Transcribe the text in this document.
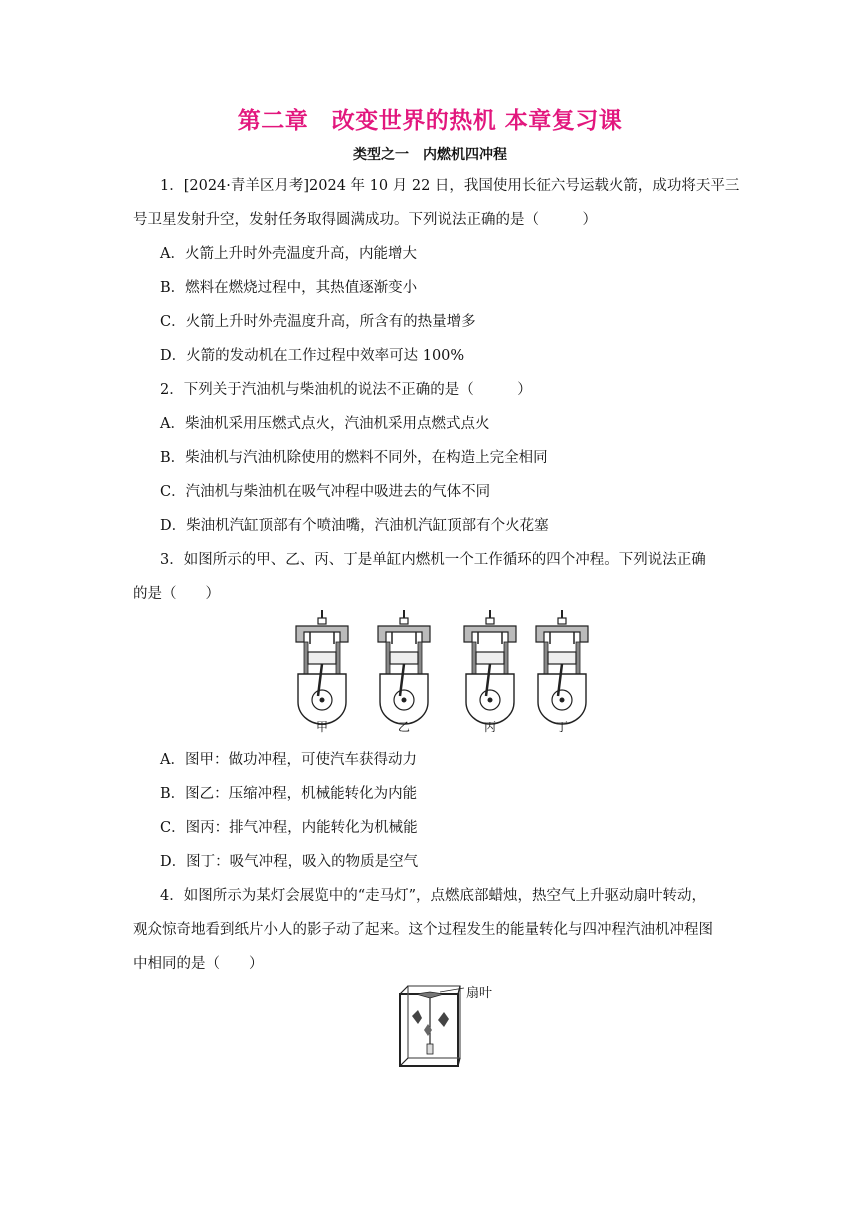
第二章　改变世界的热机 本章复习课
类型之一　内燃机四冲程
1．[2024·青羊区月考]2024 年 10 月 22 日，我国使用长征六号运载火箭，成功将天平三
号卫星发射升空，发射任务取得圆满成功。下列说法正确的是（　　　）
A．火箭上升时外壳温度升高，内能增大
B．燃料在燃烧过程中，其热值逐渐变小
C．火箭上升时外壳温度升高，所含有的热量增多
D．火箭的发动机在工作过程中效率可达 100%
2．下列关于汽油机与柴油机的说法不正确的是（　　　）
A．柴油机采用压燃式点火，汽油机采用点燃式点火
B．柴油机与汽油机除使用的燃料不同外，在构造上完全相同
C．汽油机与柴油机在吸气冲程中吸进去的气体不同
D．柴油机汽缸顶部有个喷油嘴，汽油机汽缸顶部有个火花塞
3．如图所示的甲、乙、丙、丁是单缸内燃机一个工作循环的四个冲程。下列说法正确
的是（　　）
甲	乙	丙	丁
A．图甲：做功冲程，可使汽车获得动力
B．图乙：压缩冲程，机械能转化为内能
C．图丙：排气冲程，内能转化为机械能
D．图丁：吸气冲程，吸入的物质是空气
4．如图所示为某灯会展览中的“走马灯”，点燃底部蜡烛，热空气上升驱动扇叶转动，
观众惊奇地看到纸片小人的影子动了起来。这个过程发生的能量转化与四冲程汽油机冲程图
中相同的是（　　）
扇叶
